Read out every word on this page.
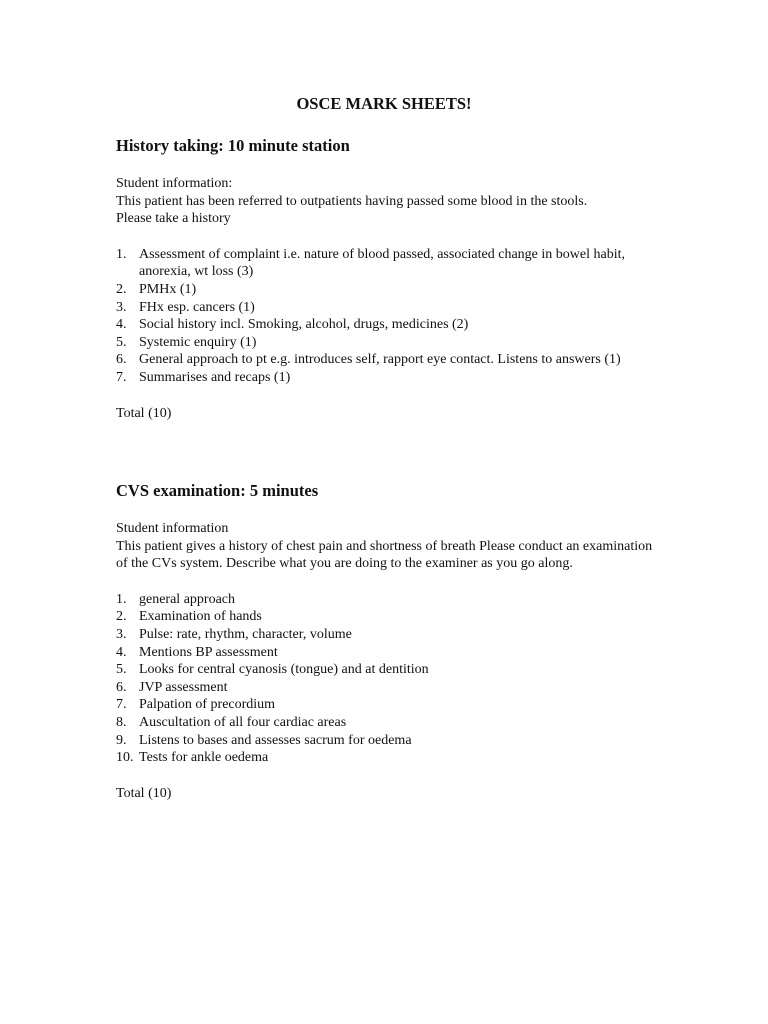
OSCE MARK SHEETS!
History taking: 10 minute station

Student information:

This patient has been referred to outpatients having passed some blood in the stools.

Please take a history

1. Assessment of complaint i.e. nature of blood passed, associated change in bowel habit, anorexia, wt loss (3)
2. PMHx (1)
3. FHx esp. cancers (1)
4. Social history incl. Smoking, alcohol, drugs, medicines (2)
5. Systemic enquiry (1)
6. General approach to pt e.g. introduces self, rapport eye contact. Listens to answers (1)
7. Summarises and recaps (1)

Total (10)

CVS examination: 5 minutes

Student information

This patient gives a history of chest pain and shortness of breath Please conduct an examination of the CVs system. Describe what you are doing to the examiner as you go along.

1. general approach
2. Examination of hands
3. Pulse: rate, rhythm, character, volume
4. Mentions BP assessment
5. Looks for central cyanosis (tongue) and at dentition
6. JVP assessment
7. Palpation of precordium
8. Auscultation of all four cardiac areas
9. Listens to bases and assesses sacrum for oedema
10. Tests for ankle oedema

Total (10)
